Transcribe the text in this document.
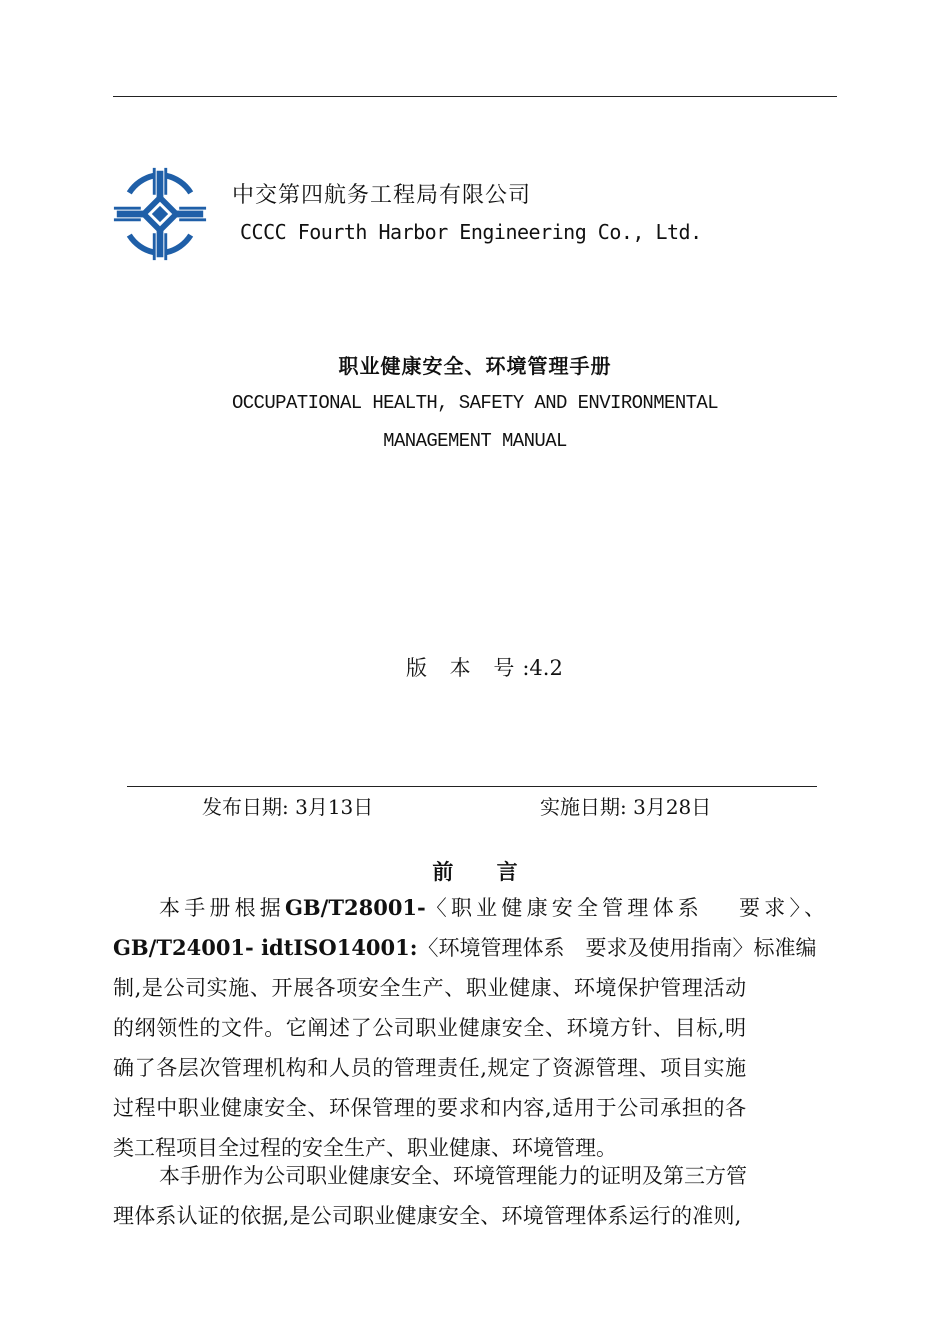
中交第四航务工程局有限公司
CCCC Fourth Harbor Engineering Co., Ltd.
职业健康安全、环境管理手册
OCCUPATIONAL HEALTH, SAFETY AND ENVIRONMENTAL
MANAGEMENT MANUAL
版 本 号:4.2
发布日期: 3月13日	实施日期: 3月28日
前 言
本手册根据GB/T28001-〈职业健康安全管理体系　 要求〉、
GB/T24001- idtISO14001:〈环境管理体系　要求及使用指南〉标准编
制,是公司实施、开展各项安全生产、职业健康、环境保护管理活动
的纲领性的文件。它阐述了公司职业健康安全、环境方针、目标,明
确了各层次管理机构和人员的管理责任,规定了资源管理、项目实施
过程中职业健康安全、环保管理的要求和内容,适用于公司承担的各
类工程项目全过程的安全生产、职业健康、环境管理。
本手册作为公司职业健康安全、环境管理能力的证明及第三方管
理体系认证的依据,是公司职业健康安全、环境管理体系运行的准则,
